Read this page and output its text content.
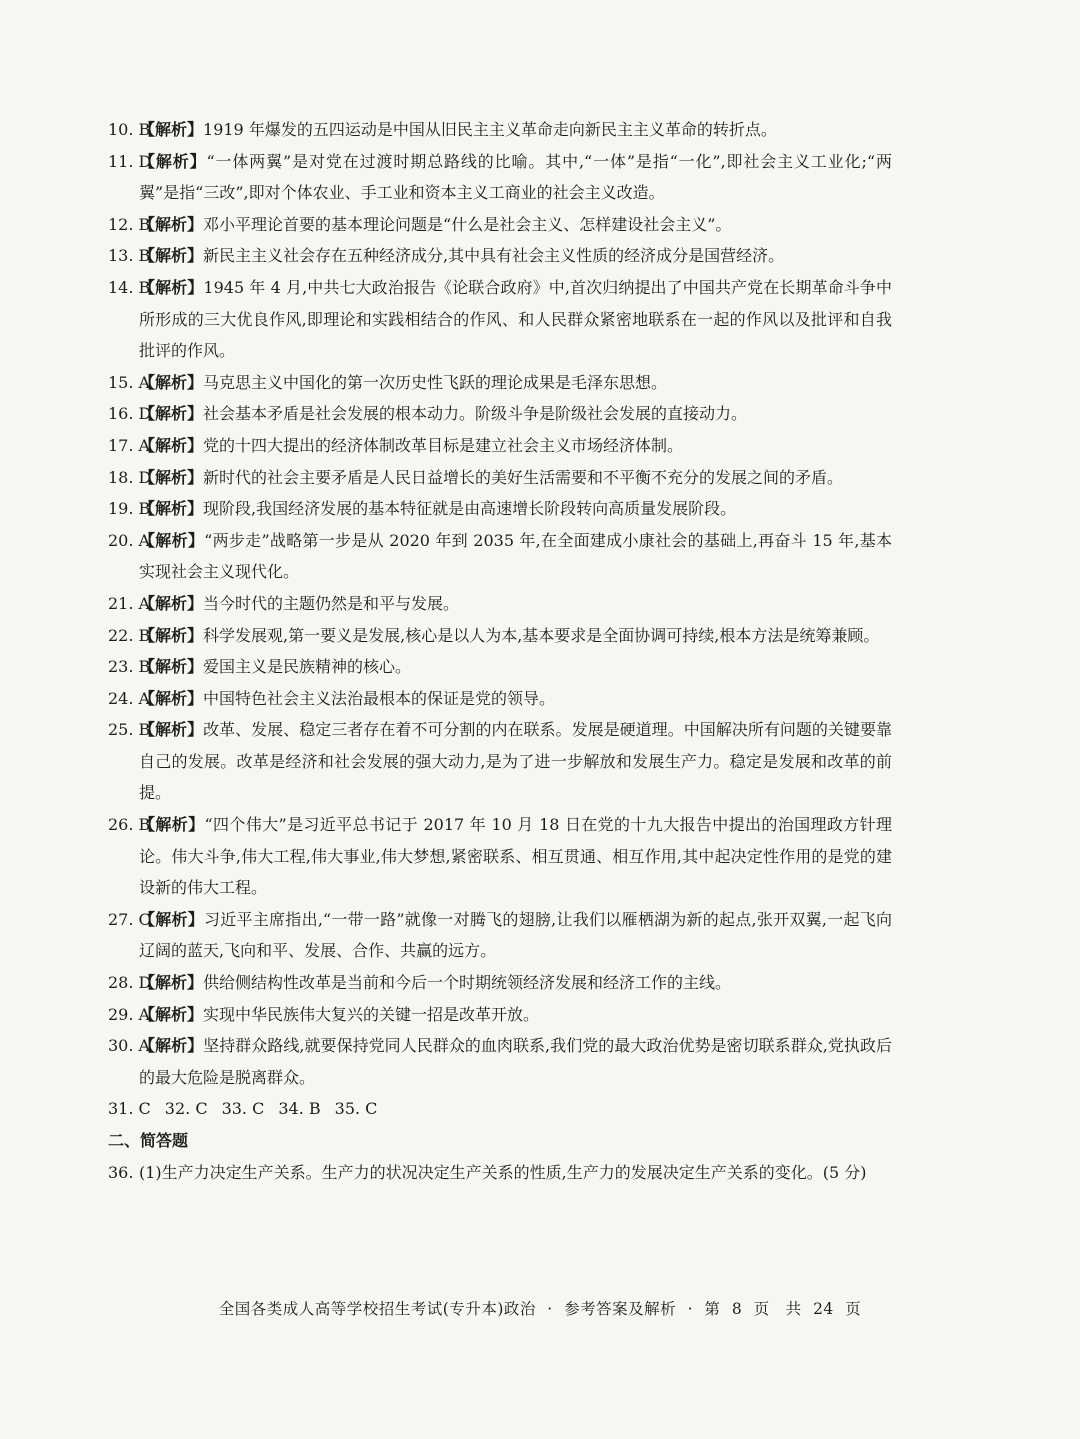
10. B
【解析】1919 年爆发的五四运动是中国从旧民主主义革命走向新民主主义革命的转折点。
11. D
【解析】“一体两翼”是对党在过渡时期总路线的比喻。其中,“一体”是指“一化”,即社会主义工业化;“两翼”是指“三改”,即对个体农业、手工业和资本主义工商业的社会主义改造。
12. B
【解析】邓小平理论首要的基本理论问题是“什么是社会主义、怎样建设社会主义”。
13. B
【解析】新民主主义社会存在五种经济成分,其中具有社会主义性质的经济成分是国营经济。
14. B
【解析】1945 年 4 月,中共七大政治报告《论联合政府》中,首次归纳提出了中国共产党在长期革命斗争中所形成的三大优良作风,即理论和实践相结合的作风、和人民群众紧密地联系在一起的作风以及批评和自我批评的作风。
15. A
【解析】马克思主义中国化的第一次历史性飞跃的理论成果是毛泽东思想。
16. D
【解析】社会基本矛盾是社会发展的根本动力。阶级斗争是阶级社会发展的直接动力。
17. A
【解析】党的十四大提出的经济体制改革目标是建立社会主义市场经济体制。
18. D
【解析】新时代的社会主要矛盾是人民日益增长的美好生活需要和不平衡不充分的发展之间的矛盾。
19. B
【解析】现阶段,我国经济发展的基本特征就是由高速增长阶段转向高质量发展阶段。
20. A
【解析】“两步走”战略第一步是从 2020 年到 2035 年,在全面建成小康社会的基础上,再奋斗 15 年,基本实现社会主义现代化。
21. A
【解析】当今时代的主题仍然是和平与发展。
22. B
【解析】科学发展观,第一要义是发展,核心是以人为本,基本要求是全面协调可持续,根本方法是统筹兼顾。
23. B
【解析】爱国主义是民族精神的核心。
24. A
【解析】中国特色社会主义法治最根本的保证是党的领导。
25. B
【解析】改革、发展、稳定三者存在着不可分割的内在联系。发展是硬道理。中国解决所有问题的关键要靠自己的发展。改革是经济和社会发展的强大动力,是为了进一步解放和发展生产力。稳定是发展和改革的前提。
26. B
【解析】“四个伟大”是习近平总书记于 2017 年 10 月 18 日在党的十九大报告中提出的治国理政方针理论。伟大斗争,伟大工程,伟大事业,伟大梦想,紧密联系、相互贯通、相互作用,其中起决定性作用的是党的建设新的伟大工程。
27. C
【解析】习近平主席指出,“一带一路”就像一对腾飞的翅膀,让我们以雁栖湖为新的起点,张开双翼,一起飞向辽阔的蓝天,飞向和平、发展、合作、共赢的远方。
28. D
【解析】供给侧结构性改革是当前和今后一个时期统领经济发展和经济工作的主线。
29. A
【解析】实现中华民族伟大复兴的关键一招是改革开放。
30. A
【解析】坚持群众路线,就要保持党同人民群众的血肉联系,我们党的最大政治优势是密切联系群众,党执政后的最大危险是脱离群众。
31. C 32. C 33. C 34. B 35. C
二、简答题
36. (1)生产力决定生产关系。生产力的状况决定生产关系的性质,生产力的发展决定生产关系的变化。(5 分)
全国各类成人高等学校招生考试(专升本)政治 · 参考答案及解析 · 第 8 页　共 24 页
